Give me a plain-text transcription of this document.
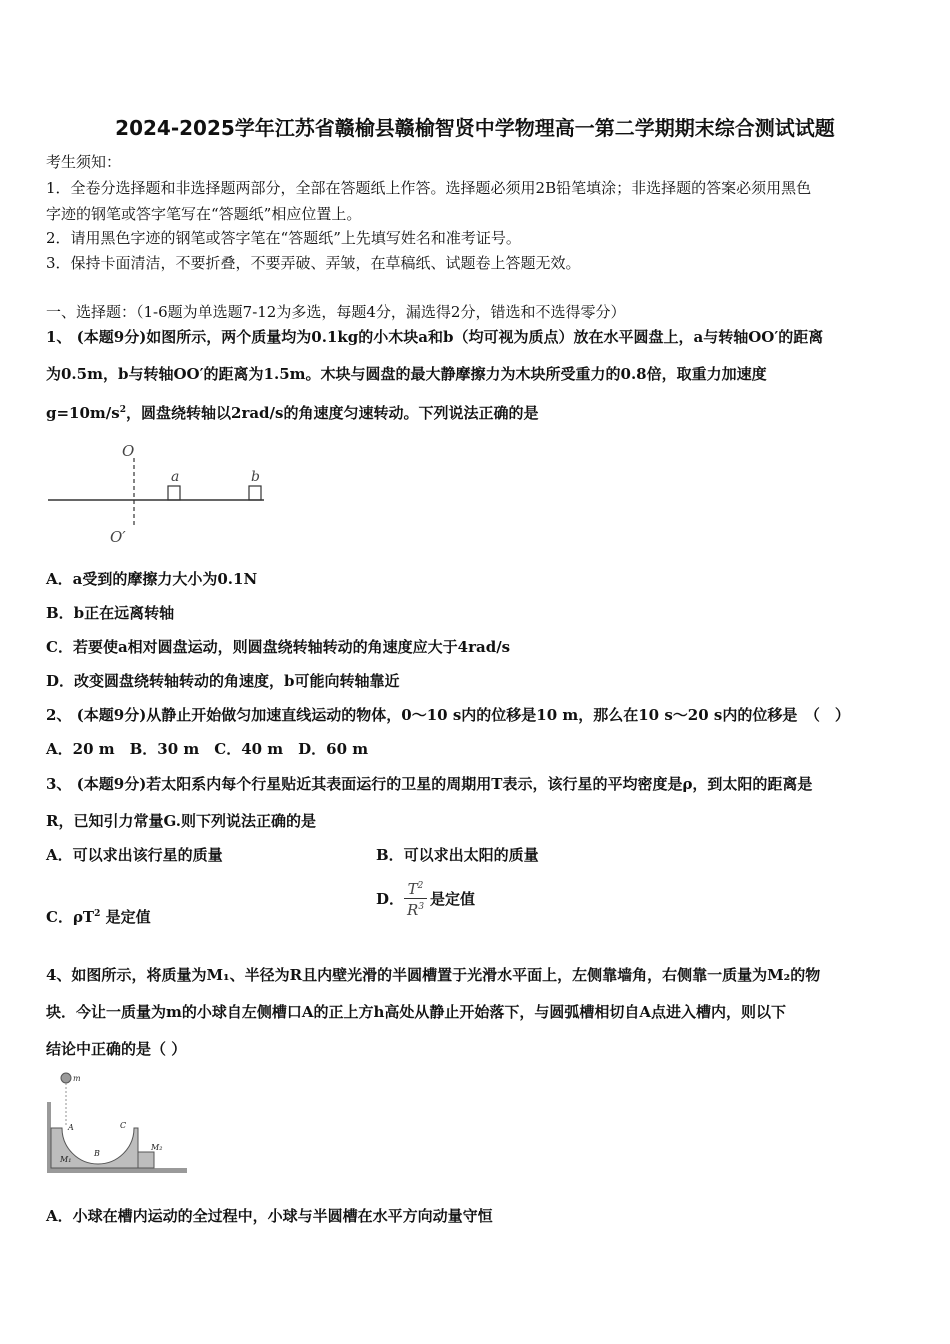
2024-2025学年江苏省赣榆县赣榆智贤中学物理高一第二学期期末综合测试试题
考生须知：
1．全卷分选择题和非选择题两部分，全部在答题纸上作答。选择题必须用2B铅笔填涂；非选择题的答案必须用黑色
字迹的钢笔或答字笔写在“答题纸”相应位置上。
2．请用黑色字迹的钢笔或答字笔在“答题纸”上先填写姓名和准考证号。
3．保持卡面清洁，不要折叠，不要弄破、弄皱，在草稿纸、试题卷上答题无效。
一、选择题：（1-6题为单选题7-12为多选，每题4分，漏选得2分，错选和不选得零分）
1、 (本题9分)如图所示，两个质量均为0.1kg的小木块a和b（均可视为质点）放在水平圆盘上，a与转轴OO′的距离
为0.5m，b与转轴OO′的距离为1.5m。木块与圆盘的最大静摩擦力为木块所受重力的0.8倍，取重力加速度
$g=10m/s^2$，圆盘绕转轴以2rad/s的角速度匀速转动。下列说法正确的是
O
O′
a	b
A．a受到的摩擦力大小为0.1N
B．b正在远离转轴
C．若要使a相对圆盘运动，则圆盘绕转轴转动的角速度应大于4rad/s
D．改变圆盘绕转轴转动的角速度，b可能向转轴靠近
2、 (本题9分)从静止开始做匀加速直线运动的物体，0～10 s内的位移是10 m，那么在10 s～20 s内的位移是　（　）
A．20 m　B．30 m　C．40 m　D．60 m
3、 (本题9分)若太阳系内每个行星贴近其表面运行的卫星的周期用T表示，该行星的平均密度是ρ，到太阳的距离是
R，已知引力常量G.则下列说法正确的是
A．可以求出该行星的质量	B．可以求出太阳的质量
C．$\rho T^2$ 是定值
D． $\frac{T^2}{R^3}$ 是定值
4、如图所示，将质量为M₁、半径为R且内壁光滑的半圆槽置于光滑水平面上，左侧靠墙角，右侧靠一质量为M₂的物
块．今让一质量为m的小球自左侧槽口A的正上方h高处从静止开始落下，与圆弧槽相切自A点进入槽内，则以下
结论中正确的是（ ）
m
A
B
C
M₁
M₂
A．小球在槽内运动的全过程中，小球与半圆槽在水平方向动量守恒
